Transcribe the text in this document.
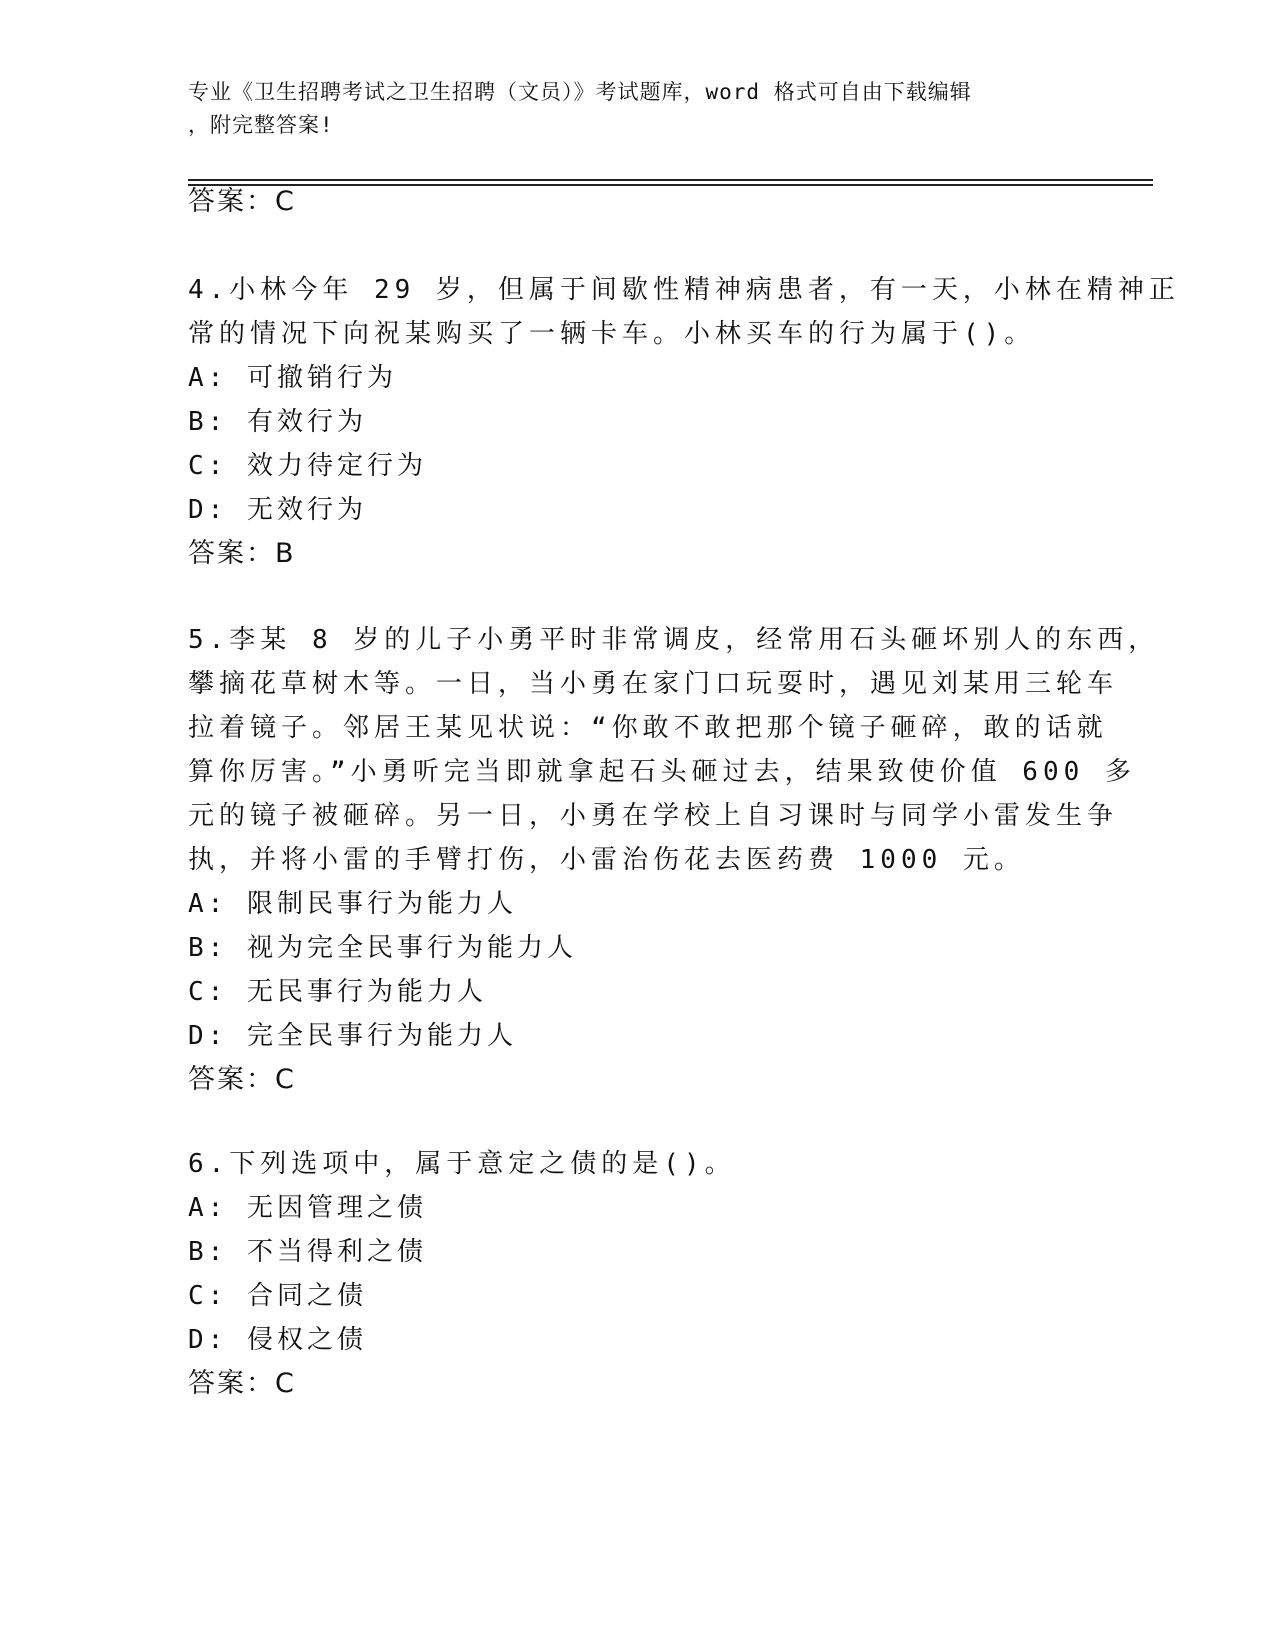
专业《卫生招聘考试之卫生招聘（文员）》考试题库，word 格式可自由下载编辑
，附完整答案!
答案：C
4.小林今年 29 岁，但属于间歇性精神病患者，有一天，小林在精神正
常的情况下向祝某购买了一辆卡车。小林买车的行为属于()。
A: 可撤销行为
B: 有效行为
C: 效力待定行为
D: 无效行为
答案：B
5.李某 8 岁的儿子小勇平时非常调皮，经常用石头砸坏别人的东西，
攀摘花草树木等。一日，当小勇在家门口玩耍时，遇见刘某用三轮车
拉着镜子。邻居王某见状说：“你敢不敢把那个镜子砸碎，敢的话就
算你厉害。”小勇听完当即就拿起石头砸过去，结果致使价值 600 多
元的镜子被砸碎。另一日，小勇在学校上自习课时与同学小雷发生争
执，并将小雷的手臂打伤，小雷治伤花去医药费 1000 元。
A: 限制民事行为能力人
B: 视为完全民事行为能力人
C: 无民事行为能力人
D: 完全民事行为能力人
答案：C
6.下列选项中，属于意定之债的是()。
A: 无因管理之债
B: 不当得利之债
C: 合同之债
D: 侵权之债
答案：C
